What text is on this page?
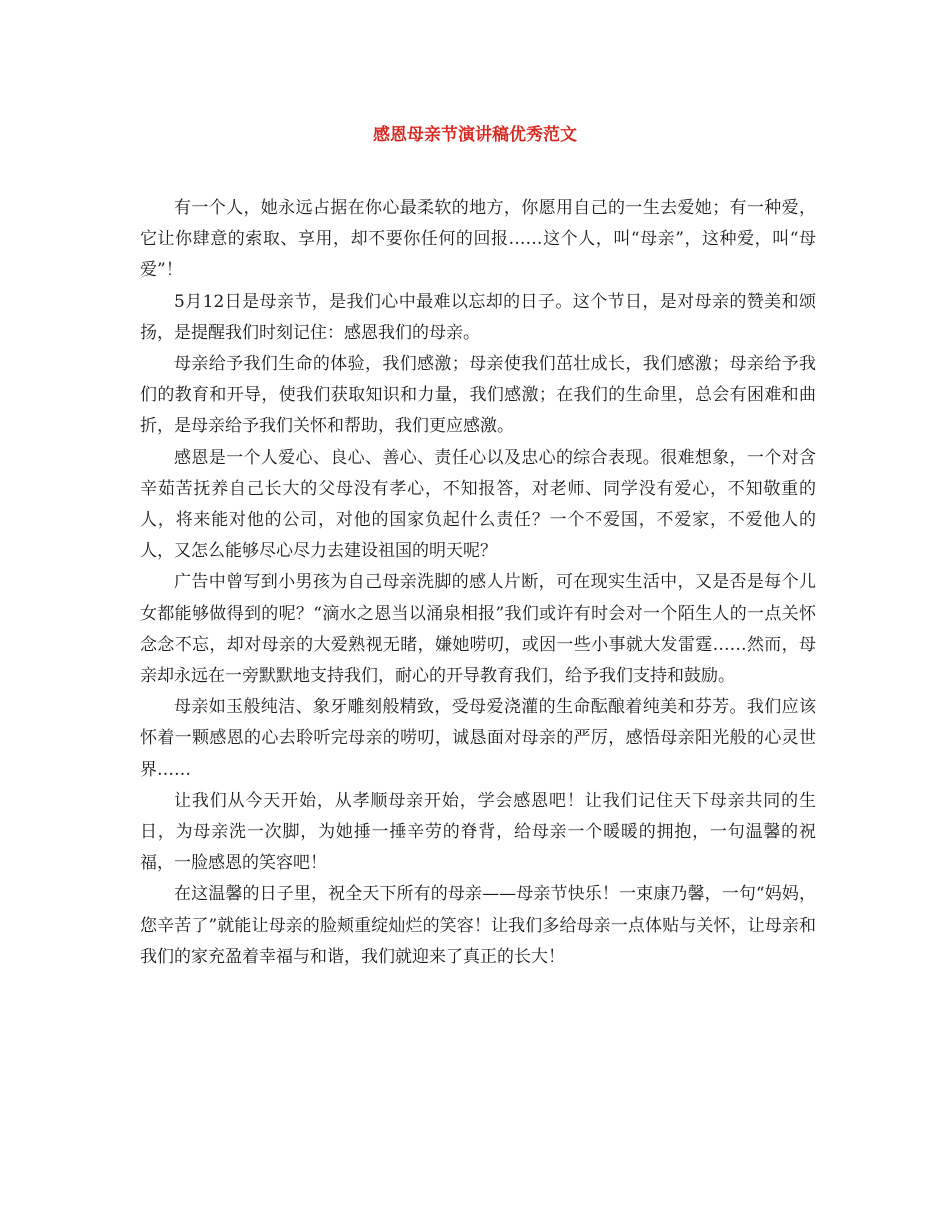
感恩母亲节演讲稿优秀范文

有一个人，她永远占据在你心最柔软的地方，你愿用自己的一生去爱她；有一种爱，它让你肆意的索取、享用，却不要你任何的回报……这个人，叫“母亲”，这种爱，叫“母爱”！

5月12日是母亲节，是我们心中最难以忘却的日子。这个节日，是对母亲的赞美和颂扬，是提醒我们时刻记住：感恩我们的母亲。

母亲给予我们生命的体验，我们感激；母亲使我们茁壮成长，我们感激；母亲给予我们的教育和开导，使我们获取知识和力量，我们感激；在我们的生命里，总会有困难和曲折，是母亲给予我们关怀和帮助，我们更应感激。

感恩是一个人爱心、良心、善心、责任心以及忠心的综合表现。很难想象，一个对含辛茹苦抚养自己长大的父母没有孝心，不知报答，对老师、同学没有爱心，不知敬重的人，将来能对他的公司，对他的国家负起什么责任？一个不爱国，不爱家，不爱他人的人，又怎么能够尽心尽力去建设祖国的明天呢？

广告中曾写到小男孩为自己母亲洗脚的感人片断，可在现实生活中，又是否是每个儿女都能够做得到的呢？“滴水之恩当以涌泉相报”我们或许有时会对一个陌生人的一点关怀念念不忘，却对母亲的大爱熟视无睹，嫌她唠叨，或因一些小事就大发雷霆……然而，母亲却永远在一旁默默地支持我们，耐心的开导教育我们，给予我们支持和鼓励。

母亲如玉般纯洁、象牙雕刻般精致，受母爱浇灌的生命酝酿着纯美和芬芳。我们应该怀着一颗感恩的心去聆听完母亲的唠叨，诚恳面对母亲的严厉，感悟母亲阳光般的心灵世界……

让我们从今天开始，从孝顺母亲开始，学会感恩吧！让我们记住天下母亲共同的生日，为母亲洗一次脚，为她捶一捶辛劳的脊背，给母亲一个暖暖的拥抱，一句温馨的祝福，一脸感恩的笑容吧！

在这温馨的日子里，祝全天下所有的母亲——母亲节快乐！一束康乃馨，一句“妈妈，您辛苦了”就能让母亲的脸颊重绽灿烂的笑容！让我们多给母亲一点体贴与关怀，让母亲和我们的家充盈着幸福与和谐，我们就迎来了真正的长大！
